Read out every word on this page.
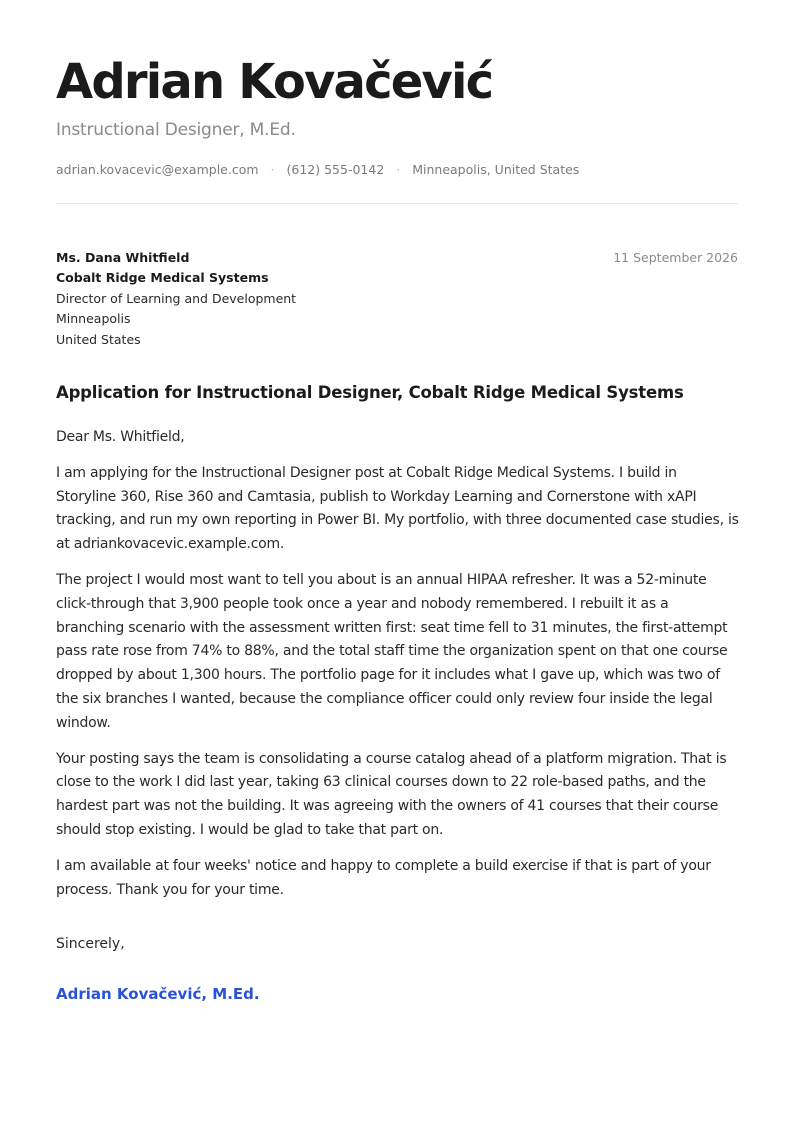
Adrian Kovačević
Instructional Designer, M.Ed.
adrian.kovacevic@example.com · (612) 555-0142 · Minneapolis, United States
Ms. Dana Whitfield
Cobalt Ridge Medical Systems
Director of Learning and Development
Minneapolis
United States
11 September 2026
Application for Instructional Designer, Cobalt Ridge Medical Systems

Dear Ms. Whitfield,

I am applying for the Instructional Designer post at Cobalt Ridge Medical Systems. I build in Storyline 360, Rise 360 and Camtasia, publish to Workday Learning and Cornerstone with xAPI tracking, and run my own reporting in Power BI. My portfolio, with three documented case studies, is at adriankovacevic.example.com.

The project I would most want to tell you about is an annual HIPAA refresher. It was a 52-minute click-through that 3,900 people took once a year and nobody remembered. I rebuilt it as a branching scenario with the assessment written first: seat time fell to 31 minutes, the first-attempt pass rate rose from 74% to 88%, and the total staff time the organization spent on that one course dropped by about 1,300 hours. The portfolio page for it includes what I gave up, which was two of the six branches I wanted, because the compliance officer could only review four inside the legal window.

Your posting says the team is consolidating a course catalog ahead of a platform migration. That is close to the work I did last year, taking 63 clinical courses down to 22 role-based paths, and the hardest part was not the building. It was agreeing with the owners of 41 courses that their course should stop existing. I would be glad to take that part on.

I am available at four weeks' notice and happy to complete a build exercise if that is part of your process. Thank you for your time.

Sincerely,
Adrian Kovačević, M.Ed.
